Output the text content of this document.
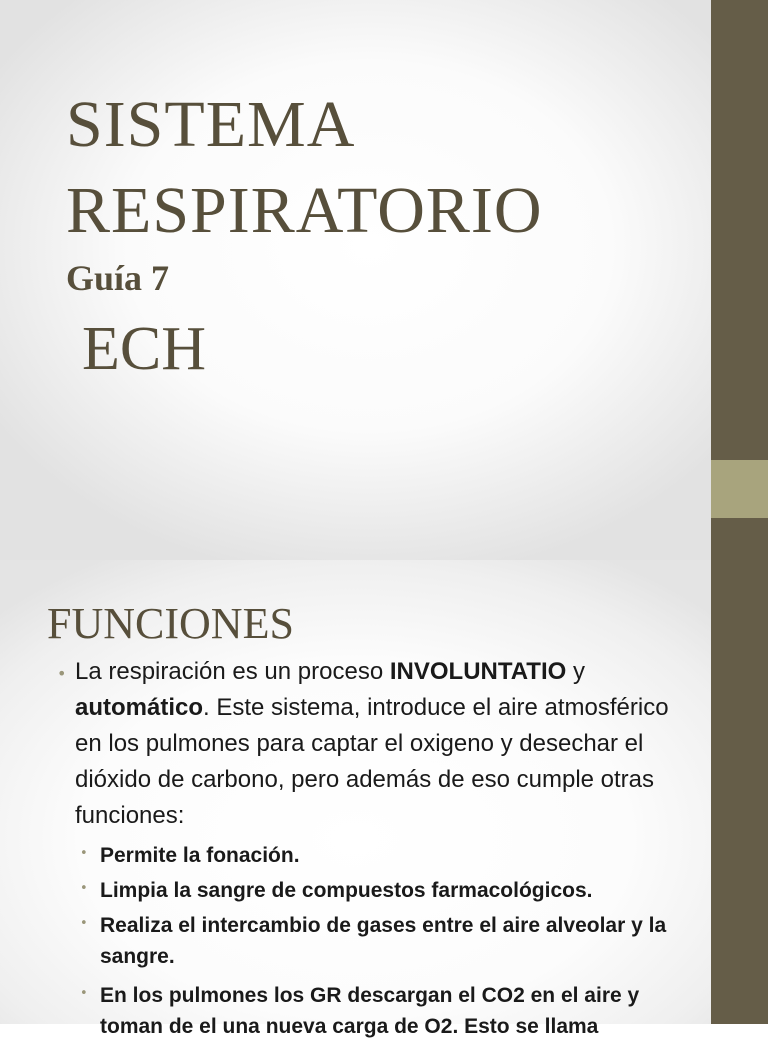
SISTEMA
RESPIRATORIO
Guía 7
ECH
FUNCIONES
• La respiración es un proceso INVOLUNTATIO y automático. Este sistema, introduce el aire atmosférico en los pulmones para captar el oxigeno y desechar el dióxido de carbono, pero además de eso cumple otras funciones:
• Permite la fonación.
• Limpia la sangre de compuestos farmacológicos.
• Realiza el intercambio de gases entre el aire alveolar y la sangre.
• En los pulmones los GR descargan el CO2 en el aire y toman de el una nueva carga de O2. Esto se llama
